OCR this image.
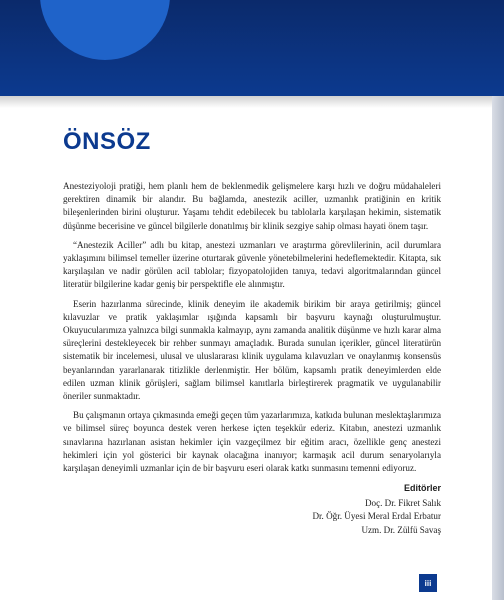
ÖNSÖZ

Anesteziyoloji pratiği, hem planlı hem de beklenmedik gelişmelere karşı hızlı ve doğru müdahaleleri gerektiren dinamik bir alandır. Bu bağlamda, anestezik aciller, uzmanlık pratiğinin en kritik bileşenlerinden birini oluşturur. Yaşamı tehdit edebilecek bu tablolarla karşılaşan hekimin, sistematik düşünme becerisine ve güncel bilgilerle donatılmış bir klinik sezgiye sahip olması hayati önem taşır.

“Anestezik Aciller” adlı bu kitap, anestezi uzmanları ve araştırma görevlilerinin, acil durumlara yaklaşımını bilimsel temeller üzerine oturtarak güvenle yönetebilmelerini hedeflemektedir. Kitapta, sık karşılaşılan ve nadir görülen acil tablolar; fizyopatolojiden tanıya, tedavi algoritmalarından güncel literatür bilgilerine kadar geniş bir perspektifle ele alınmıştır.

Eserin hazırlanma sürecinde, klinik deneyim ile akademik birikim bir araya getirilmiş; güncel kılavuzlar ve pratik yaklaşımlar ışığında kapsamlı bir başvuru kaynağı oluşturulmuştur. Okuyucularımıza yalnızca bilgi sunmakla kalmayıp, aynı zamanda analitik düşünme ve hızlı karar alma süreçlerini destekleyecek bir rehber sunmayı amaçladık. Burada sunulan içerikler, güncel literatürün sistematik bir incelemesi, ulusal ve uluslararası klinik uygulama kılavuzları ve onaylanmış konsensüs beyanlarından yararlanarak titizlikle derlenmiştir. Her bölüm, kapsamlı pratik deneyimlerden elde edilen uzman klinik görüşleri, sağlam bilimsel kanıtlarla birleştirerek pragmatik ve uygulanabilir öneriler sunmaktadır.

Bu çalışmanın ortaya çıkmasında emeği geçen tüm yazarlarımıza, katkıda bulunan meslektaşlarımıza ve bilimsel süreç boyunca destek veren herkese içten teşekkür ederiz. Kitabın, anestezi uzmanlık sınavlarına hazırlanan asistan hekimler için vazgeçilmez bir eğitim aracı, özellikle genç anestezi hekimleri için yol gösterici bir kaynak olacağına inanıyor; karmaşık acil durum senaryolarıyla karşılaşan deneyimli uzmanlar için de bir başvuru eseri olarak katkı sunmasını temenni ediyoruz.

Editörler
Doç. Dr. Fikret Salık
Dr. Öğr. Üyesi Meral Erdal Erbatur
Uzm. Dr. Zülfü Savaş
iii
